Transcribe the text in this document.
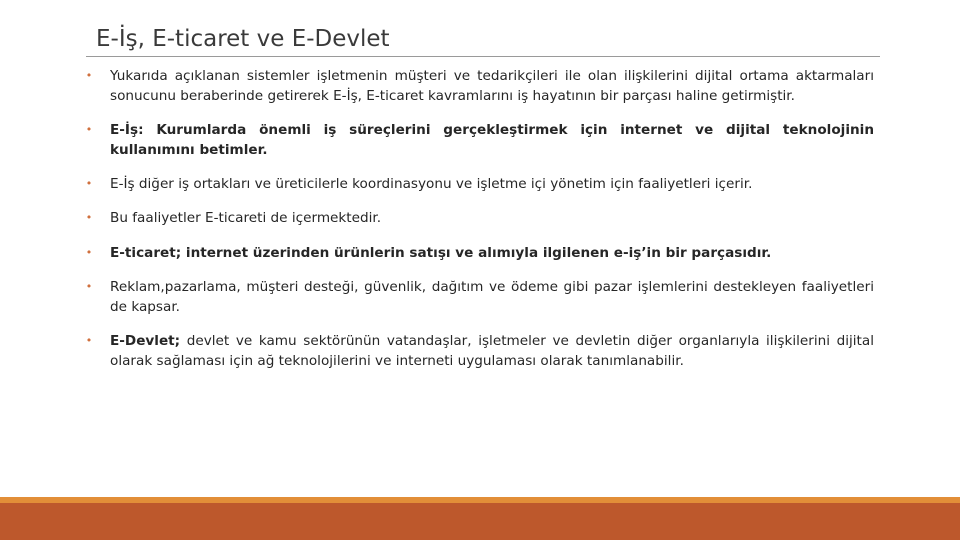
E-İş, E-ticaret ve E-Devlet
• Yukarıda açıklanan sistemler işletmenin müşteri ve tedarikçileri ile olan ilişkilerini dijital ortama aktarmaları sonucunu beraberinde getirerek E-İş, E-ticaret kavramlarını iş hayatının bir parçası haline getirmiştir.
• E-İş: Kurumlarda önemli iş süreçlerini gerçekleştirmek için internet ve dijital teknolojinin kullanımını betimler.
• E-İş diğer iş ortakları ve üreticilerle koordinasyonu ve işletme içi yönetim için faaliyetleri içerir.
• Bu faaliyetler E-ticareti de içermektedir.
• E-ticaret; internet üzerinden ürünlerin satışı ve alımıyla ilgilenen e-iş’in bir parçasıdır.
• Reklam,pazarlama, müşteri desteği, güvenlik, dağıtım ve ödeme gibi pazar işlemlerini destekleyen faaliyetleri de kapsar.
• E-Devlet; devlet ve kamu sektörünün vatandaşlar, işletmeler ve devletin diğer organlarıyla ilişkilerini dijital olarak sağlaması için ağ teknolojilerini ve interneti uygulaması olarak tanımlanabilir.
